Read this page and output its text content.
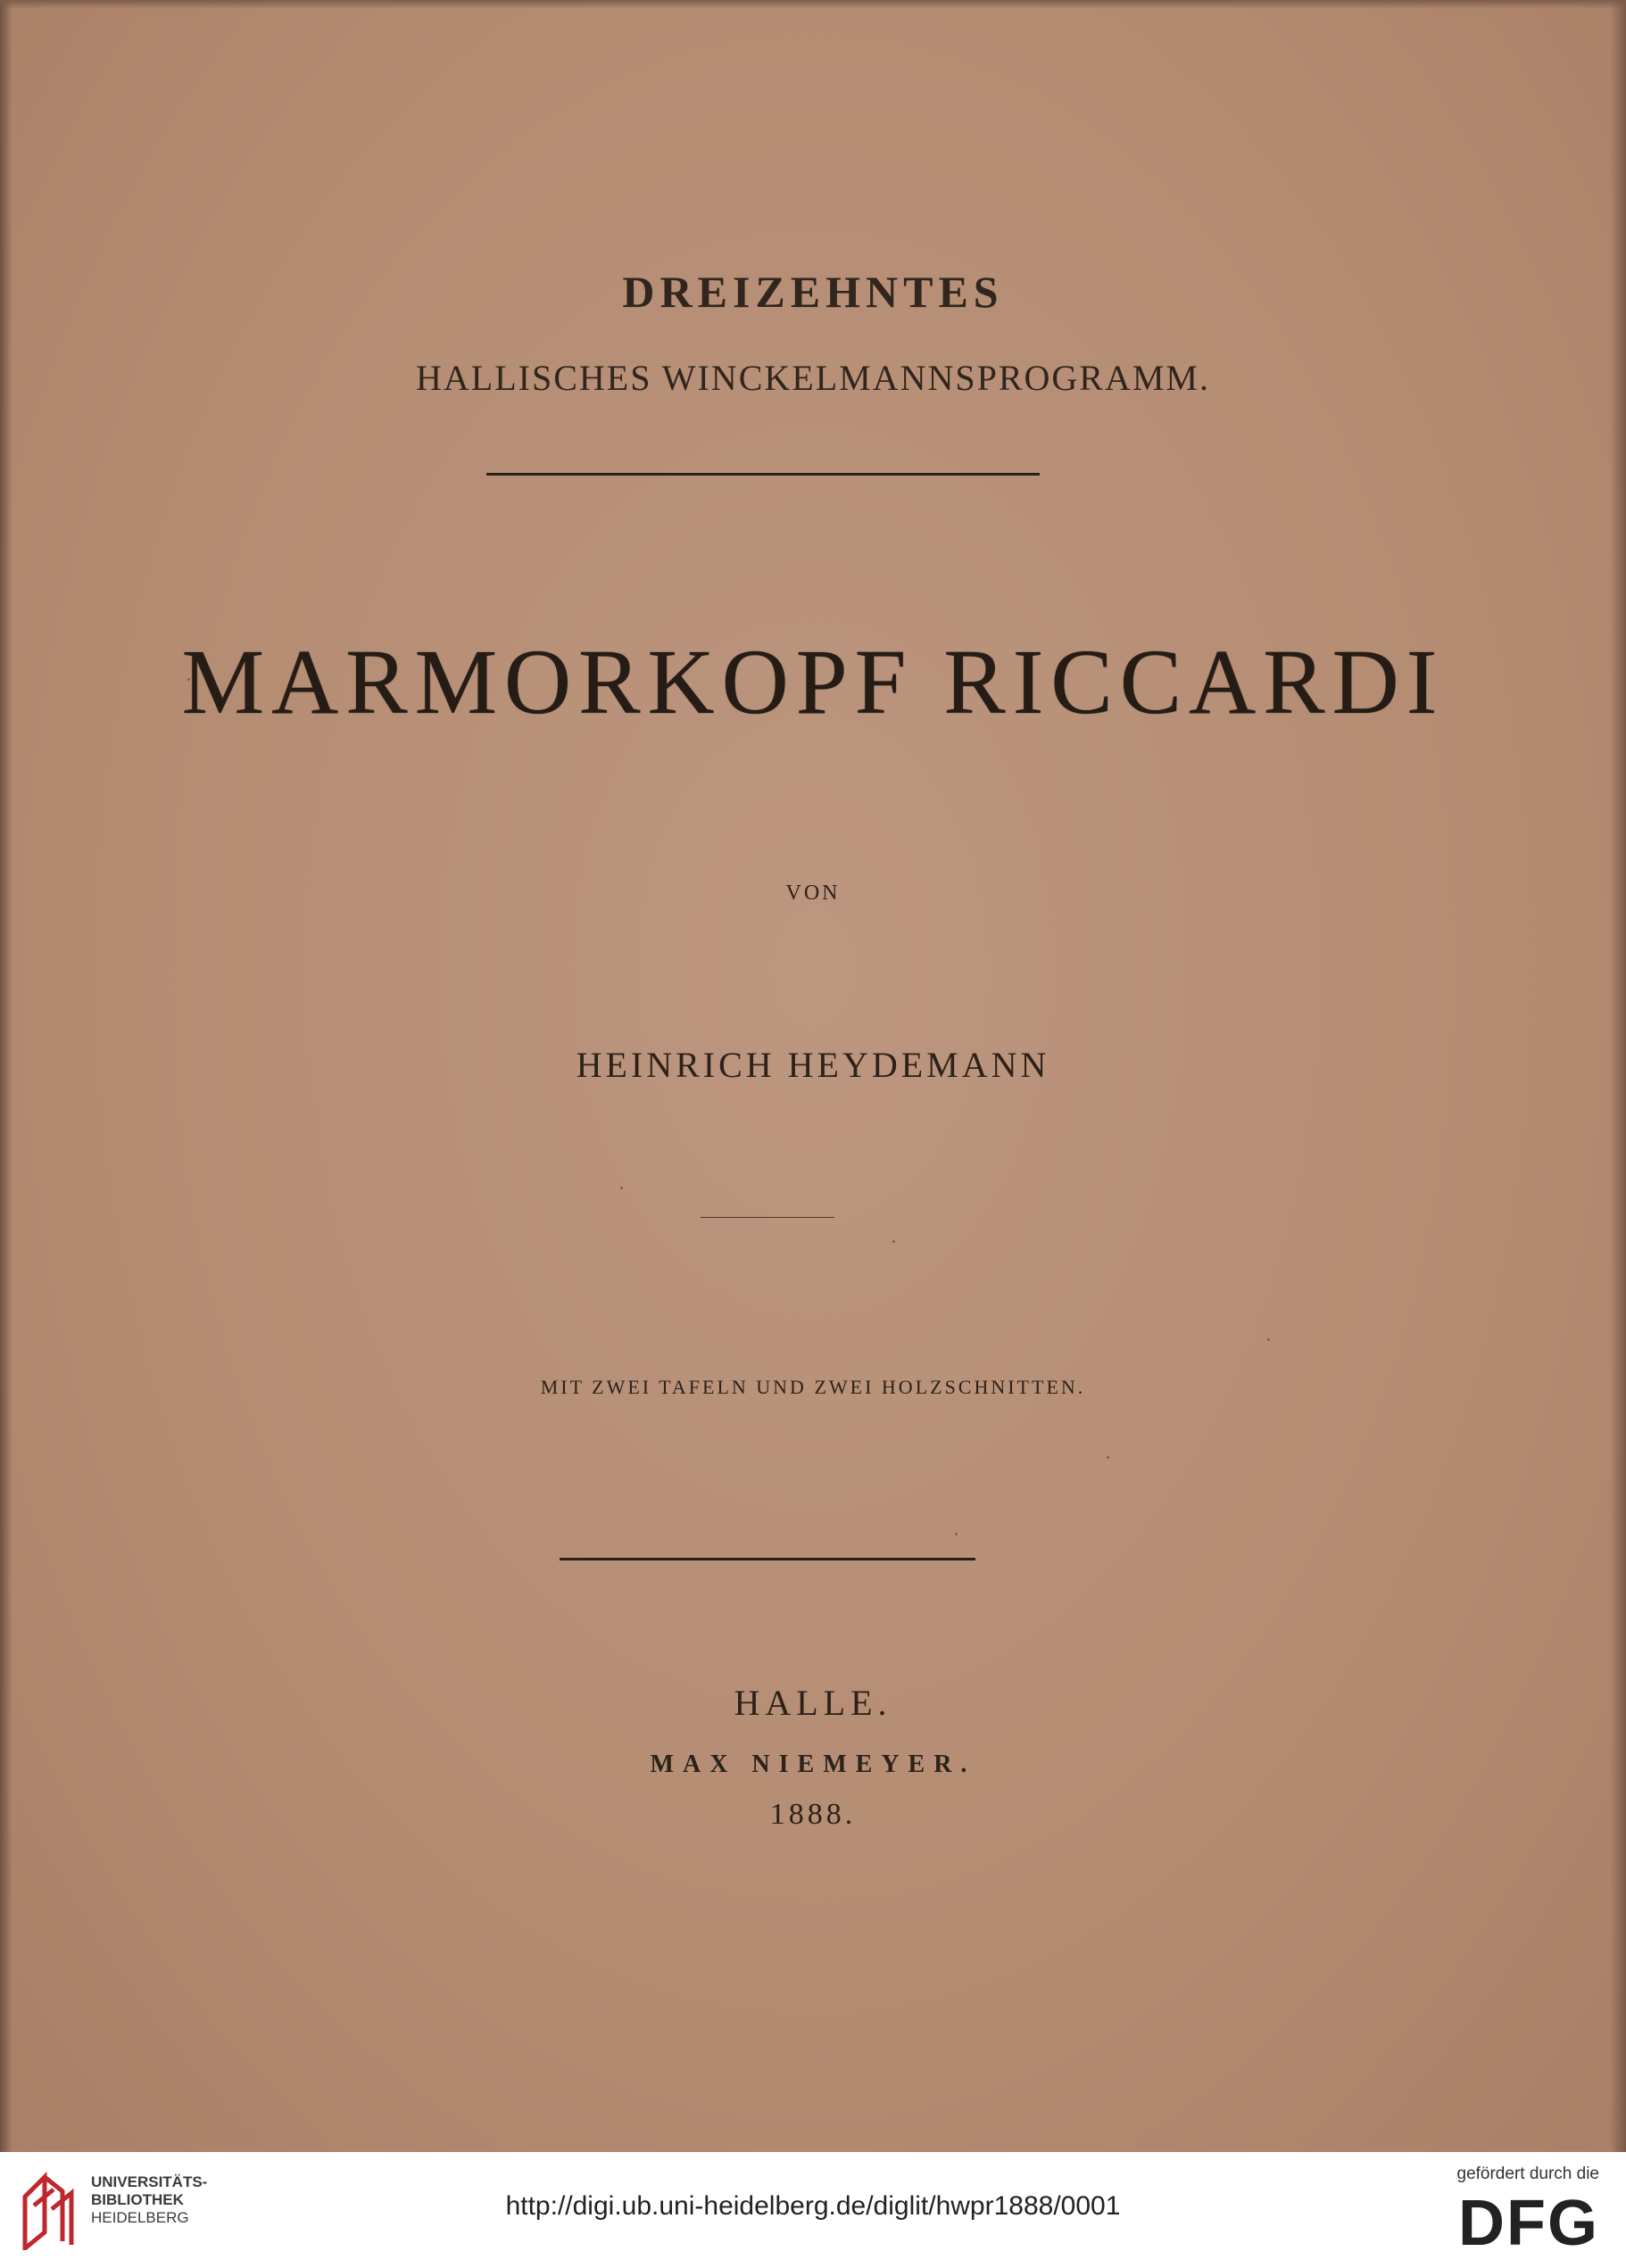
DREIZEHNTES
HALLISCHES WINCKELMANNSPROGRAMM.
MARMORKOPF RICCARDI
VON
HEINRICH HEYDEMANN
MIT ZWEI TAFELN UND ZWEI HOLZSCHNITTEN.
HALLE.
MAX NIEMEYER.
1888.
UNIVERSITÄTS-
BIBLIOTHEK
HEIDELBERG	http://digi.ub.uni-heidelberg.de/diglit/hwpr1888/0001
gefördert durch die
DFG
